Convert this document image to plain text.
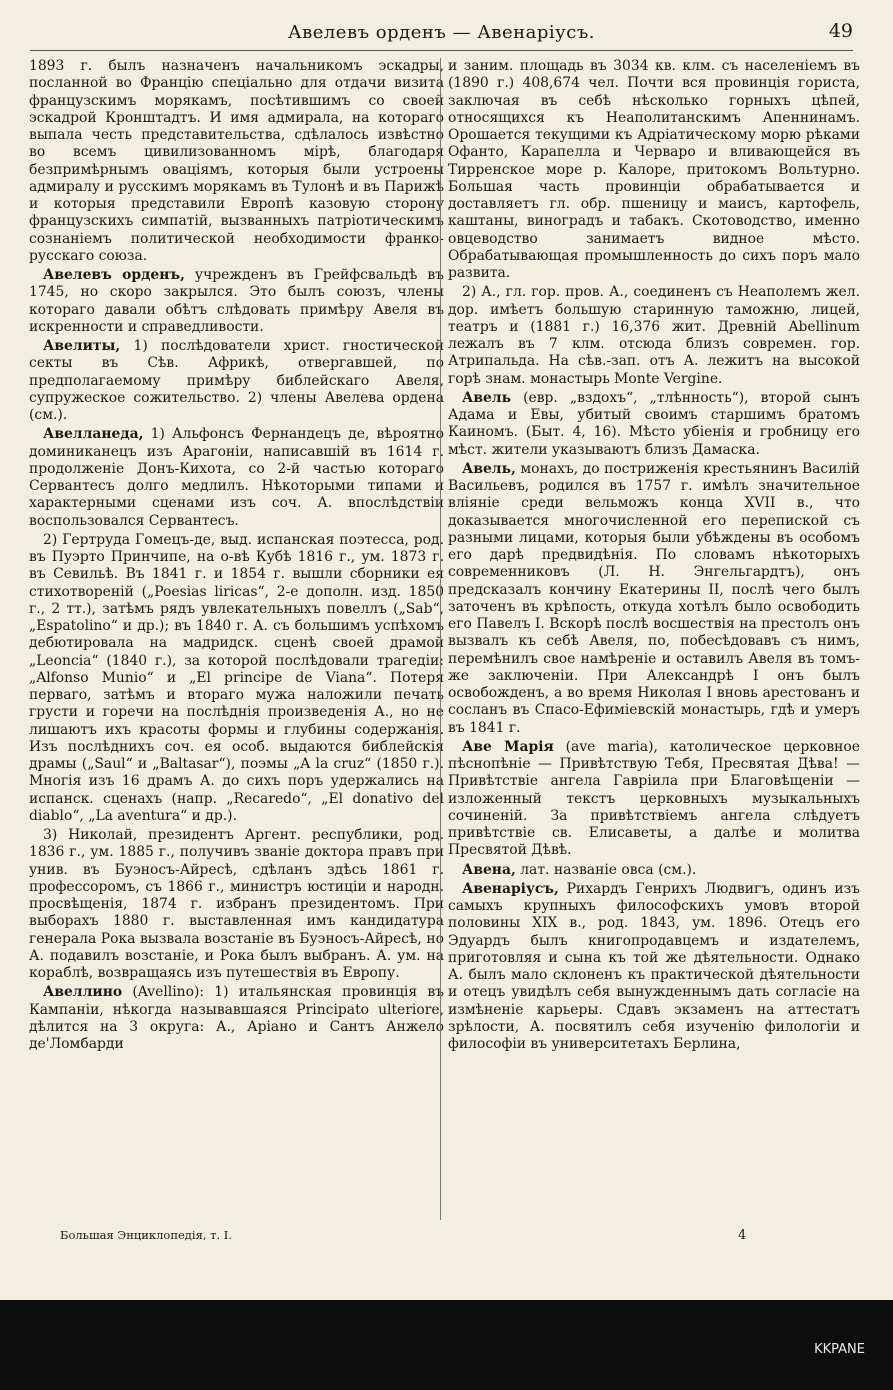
Авелевъ орденъ — Авенаріусъ.	49

1893 г. былъ назначенъ начальникомъ эскадры, посланной во Францію спеціально для отдачи визита французскимъ морякамъ, посѣтившимъ со своей эскадрой Кронштадтъ. И имя адмирала, на котораго выпала честь представительства, сдѣлалось извѣстно во всемъ цивилизованномъ мірѣ, благодаря безпримѣрнымъ оваціямъ, которыя были устроены адмиралу и русскимъ морякамъ въ Тулонѣ и въ Парижѣ и которыя представили Европѣ казовую сторону французскихъ симпатій, вызванныхъ патріотическимъ сознаніемъ политической необходимости франко-русскаго союза.

Авелевъ орденъ, учрежденъ въ Грейфсвальдѣ въ 1745, но скоро закрылся. Это былъ союзъ, члены котораго давали обѣтъ слѣдовать примѣру Авеля въ искренности и справедливости.

Авелиты, 1) послѣдователи христ. гностической секты въ Сѣв. Африкѣ, отвергавшей, по предполагаемому примѣру библейскаго Авеля, супружеское сожительство. 2) члены Авелева ордена (см.).

Авелланеда, 1) Альфонсъ Фернандецъ де, вѣроятно доминиканецъ изъ Арагоніи, написавшій въ 1614 г. продолженіе Донъ-Кихота, со 2-й частью котораго Сервантесъ долго медлилъ. Нѣкоторыми типами и характерными сценами изъ соч. А. впослѣдствіи воспользовался Сервантесъ.

2) Гертруда Гомецъ-де, выд. испанская поэтесса, род. въ Пуэрто Принчипе, на о-вѣ Кубѣ 1816 г., ум. 1873 г. въ Севильѣ. Въ 1841 г. и 1854 г. вышли сборники ея стихотвореній („Poesias liricas“, 2-е дополн. изд. 1850 г., 2 тт.), затѣмъ рядъ увлекательныхъ повеллъ („Sab“, „Espatolino“ и др.); въ 1840 г. А. съ большимъ успѣхомъ дебютировала на мадридск. сценѣ своей драмой „Leoncia“ (1840 г.), за которой послѣдовали трагедіи: „Alfonso Munio“ и „El principe de Viana“. Потеря перваго, затѣмъ и втораго мужа наложили печать грусти и горечи на послѣднія произведенія А., но не лишаютъ ихъ красоты формы и глубины содержанія. Изъ послѣднихъ соч. ея особ. выдаются библейскія драмы („Saul“ и „Baltasar“), поэмы „A la cruz“ (1850 г.). Многія изъ 16 драмъ А. до сихъ поръ удержались на испанск. сценахъ (напр. „Recaredo“, „El donativo del diablo“, „La aventura“ и др.).

3) Николай, президентъ Аргент. республики, род. 1836 г., ум. 1885 г., получивъ званіе доктора правъ при унив. въ Буэносъ-Айресѣ, сдѣланъ здѣсь 1861 г. профессоромъ, съ 1866 г., министръ юстиціи и народн. просвѣщенія, 1874 г. избранъ президентомъ. При выборахъ 1880 г. выставленная имъ кандидатура генерала Рока вызвала возстаніе въ Буэносъ-Айресѣ, но А. подавилъ возстаніе, и Рока былъ выбранъ. А. ум. на кораблѣ, возвращаясь изъ путешествія въ Европу.

Авеллино (Avellino): 1) итальянская провинція въ Кампаніи, нѣкогда называвшаяся Principato ulteriore, дѣлится на 3 округа: А., Аріано и Сантъ Анжело де'Ломбарди

и заним. площадь въ 3034 кв. клм. съ населеніемъ въ (1890 г.) 408,674 чел. Почти вся провинція гориста, заключая въ себѣ нѣсколько горныхъ цѣпей, относящихся къ Неаполитанскимъ Апеннинамъ. Орошается текущими къ Адріатическому морю рѣками Офанто, Карапелла и Черваро и вливающейся въ Тирренское море р. Калоре, притокомъ Вольтурно. Большая часть провинціи обрабатывается и доставляетъ гл. обр. пшеницу и маисъ, картофель, каштаны, виноградъ и табакъ. Скотоводство, именно овцеводство занимаетъ видное мѣсто. Обрабатывающая промышленность до сихъ поръ мало развита.

2) А., гл. гор. пров. А., соединенъ съ Неаполемъ жел. дор. имѣетъ большую старинную таможню, лицей, театръ и (1881 г.) 16,376 жит. Древній Abellinum лежалъ въ 7 клм. отсюда близъ современ. гор. Атрипальда. На сѣв.-зап. отъ А. лежитъ на высокой горѣ знам. монастырь Monte Vergine.

Авель (евр. „вздохъ“, „тлѣнность“), второй сынъ Адама и Евы, убитый своимъ старшимъ братомъ Каиномъ. (Быт. 4, 16). Мѣсто убіенія и гробницу его мѣст. жители указываютъ близъ Дамаска.

Авель, монахъ, до постриженія крестьянинъ Василій Васильевъ, родился въ 1757 г. имѣлъ значительное вліяніе среди вельможъ конца XVII в., что доказывается многочисленной его перепиской съ разными лицами, которыя были убѣждены въ особомъ его дарѣ предвидѣнія. По словамъ нѣкоторыхъ современниковъ (Л. Н. Энгельгардтъ), онъ предсказалъ кончину Екатерины II, послѣ чего былъ заточенъ въ крѣпость, откуда хотѣлъ было освободить его Павелъ I. Вскорѣ послѣ восшествія на престолъ онъ вызвалъ къ себѣ Авеля, по, побесѣдовавъ съ нимъ, перемѣнилъ свое намѣреніе и оставилъ Авеля въ томъ-же заключеніи. При Александрѣ I онъ былъ освобожденъ, а во время Николая I вновь арестованъ и сосланъ въ Спасо-Ефиміевскій монастырь, гдѣ и умеръ въ 1841 г.

Аве Марія (ave maria), католическое церковное пѣснопѣніе — Привѣтствую Тебя, Пресвятая Дѣва! — Привѣтствіе ангела Гавріила при Благовѣщеніи — изложенный текстъ церковныхъ музыкальныхъ сочиненій. За привѣтствіемъ ангела слѣдуетъ привѣтствіе св. Елисаветы, а далѣе и молитва Пресвятой Дѣвѣ.

Авена, лат. названіе овса (см.).

Авенаріусъ, Рихардъ Генрихъ Людвигъ, одинъ изъ самыхъ крупныхъ философскихъ умовъ второй половины XIX в., род. 1843, ум. 1896. Отецъ его Эдуардъ былъ книгопродавцемъ и издателемъ, приготовляя и сына къ той же дѣятельности. Однако А. былъ мало склоненъ къ практической дѣятельности и отецъ увидѣлъ себя вынужденнымъ дать согласіе на измѣненіе карьеры. Сдавъ экзаменъ на аттестатъ зрѣлости, А. посвятилъ себя изученію филологіи и философіи въ университетахъ Берлина,

Большая Энциклопедія, т. I.	4
KKPANE
